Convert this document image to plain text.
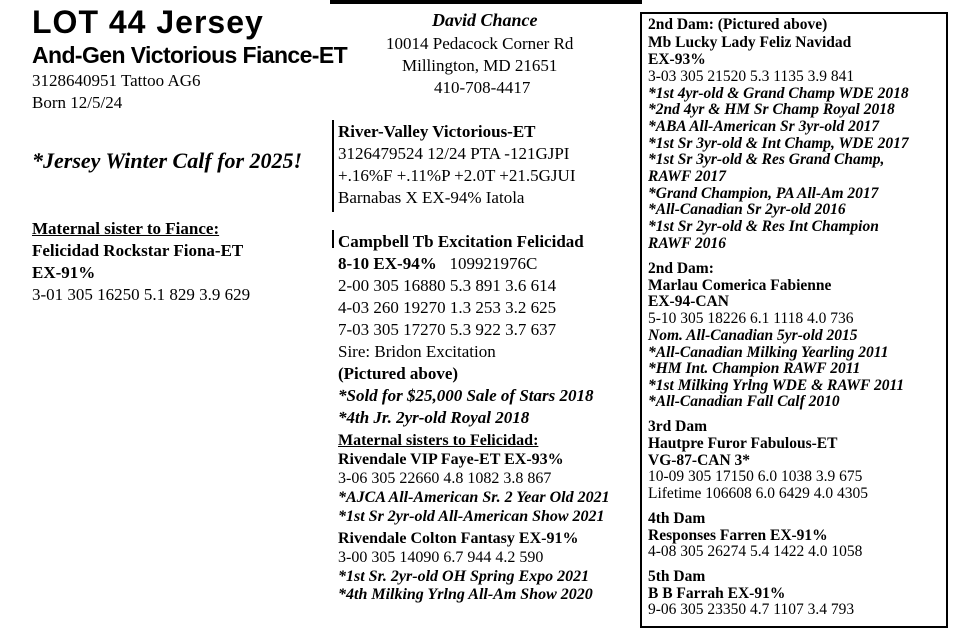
LOT 44 Jersey
And-Gen Victorious Fiance-ET
3128640951 Tattoo AG6
Born 12/5/24
*Jersey Winter Calf for 2025!
Maternal sister to Fiance:
Felicidad Rockstar Fiona-ET
EX-91%
3-01 305 16250 5.1 829 3.9 629
David Chance
10014 Pedacock Corner Rd
Millington, MD 21651
410-708-4417
River-Valley Victorious-ET
3126479524 12/24 PTA -121GJPI
+.16%F +.11%P +2.0T +21.5GJUI
Barnabas X EX-94% Iatola
Campbell Tb Excitation Felicidad
8-10 EX-94% 109921976C
2-00 305 16880 5.3 891 3.6 614
4-03 260 19270 1.3 253 3.2 625
7-03 305 17270 5.3 922 3.7 637
Sire: Bridon Excitation
(Pictured above)
*Sold for $25,000 Sale of Stars 2018
*4th Jr. 2yr-old Royal 2018
Maternal sisters to Felicidad:
Rivendale VIP Faye-ET EX-93%
3-06 305 22660 4.8 1082 3.8 867
*AJCA All-American Sr. 2 Year Old 2021
*1st Sr 2yr-old All-American Show 2021
Rivendale Colton Fantasy EX-91%
3-00 305 14090 6.7 944 4.2 590
*1st Sr. 2yr-old OH Spring Expo 2021
*4th Milking Yrlng All-Am Show 2020
2nd Dam: (Pictured above)
Mb Lucky Lady Feliz Navidad
EX-93%
3-03 305 21520 5.3 1135 3.9 841
*1st 4yr-old & Grand Champ WDE 2018
*2nd 4yr & HM Sr Champ Royal 2018
*ABA All-American Sr 3yr-old 2017
*1st Sr 3yr-old & Int Champ, WDE 2017
*1st Sr 3yr-old & Res Grand Champ,
RAWF 2017
*Grand Champion, PA All-Am 2017
*All-Canadian Sr 2yr-old 2016
*1st Sr 2yr-old & Res Int Champion
RAWF 2016
2nd Dam:
Marlau Comerica Fabienne
EX-94-CAN
5-10 305 18226 6.1 1118 4.0 736
Nom. All-Canadian 5yr-old 2015
*All-Canadian Milking Yearling 2011
*HM Int. Champion RAWF 2011
*1st Milking Yrlng WDE & RAWF 2011
*All-Canadian Fall Calf 2010
3rd Dam
Hautpre Furor Fabulous-ET
VG-87-CAN 3*
10-09 305 17150 6.0 1038 3.9 675
Lifetime 106608 6.0 6429 4.0 4305
4th Dam
Responses Farren EX-91%
4-08 305 26274 5.4 1422 4.0 1058
5th Dam
B B Farrah EX-91%
9-06 305 23350 4.7 1107 3.4 793
